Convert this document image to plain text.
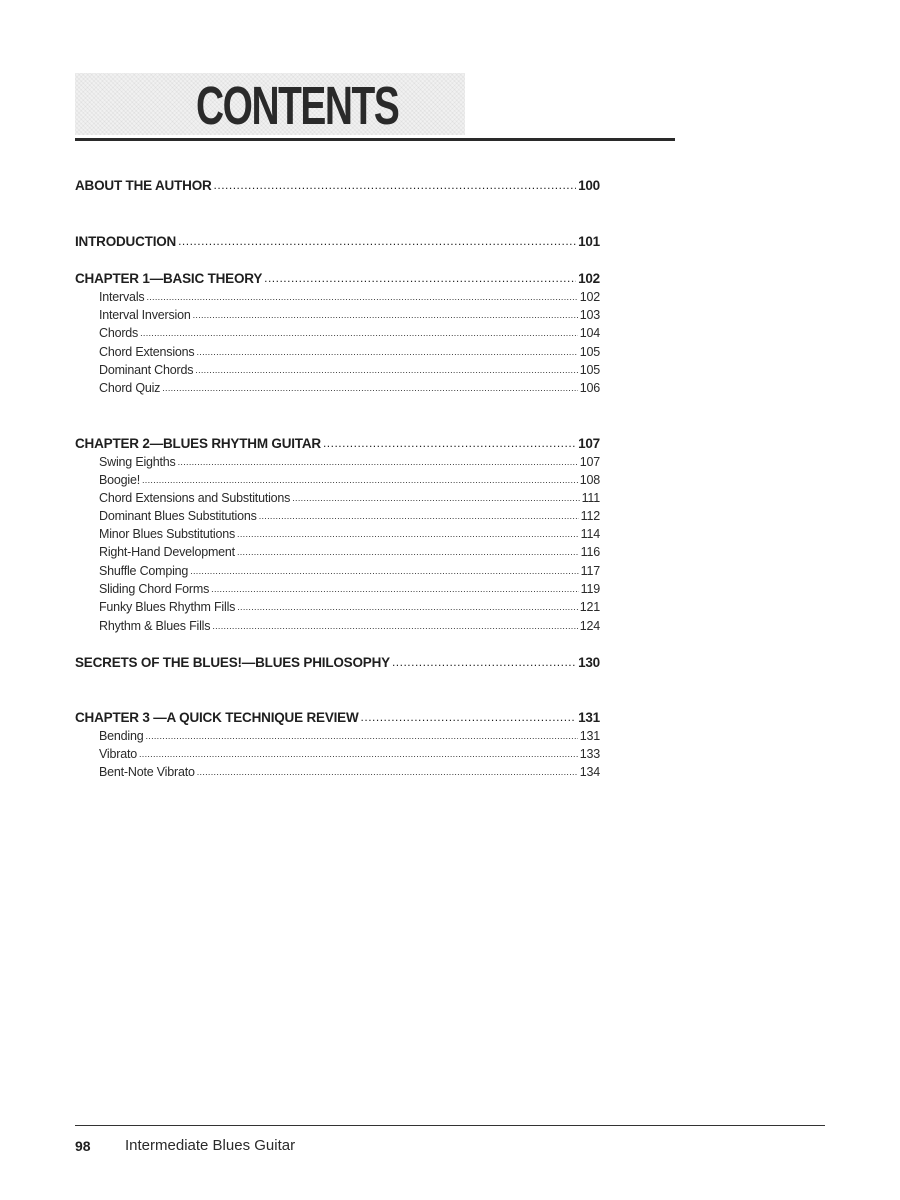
CONTENTS
ABOUT THE AUTHOR .....	100
INTRODUCTION .....	101
CHAPTER 1—BASIC THEORY .....	102
Intervals .....	102
Interval Inversion .....	103
Chords .....	104
Chord Extensions .....	105
Dominant Chords .....	105
Chord Quiz .....	106
CHAPTER 2—BLUES RHYTHM GUITAR .....	107
Swing Eighths .....	107
Boogie! .....	108
Chord Extensions and Substitutions .....	111
Dominant Blues Substitutions .....	112
Minor Blues Substitutions .....	114
Right-Hand Development .....	116
Shuffle Comping .....	117
Sliding Chord Forms .....	119
Funky Blues Rhythm Fills .....	121
Rhythm & Blues Fills .....	124
SECRETS OF THE BLUES!—BLUES PHILOSOPHY .....	130
CHAPTER 3 —A QUICK TECHNIQUE REVIEW .....	131
Bending .....	131
Vibrato .....	133
Bent-Note Vibrato .....	134
98 Intermediate Blues Guitar
